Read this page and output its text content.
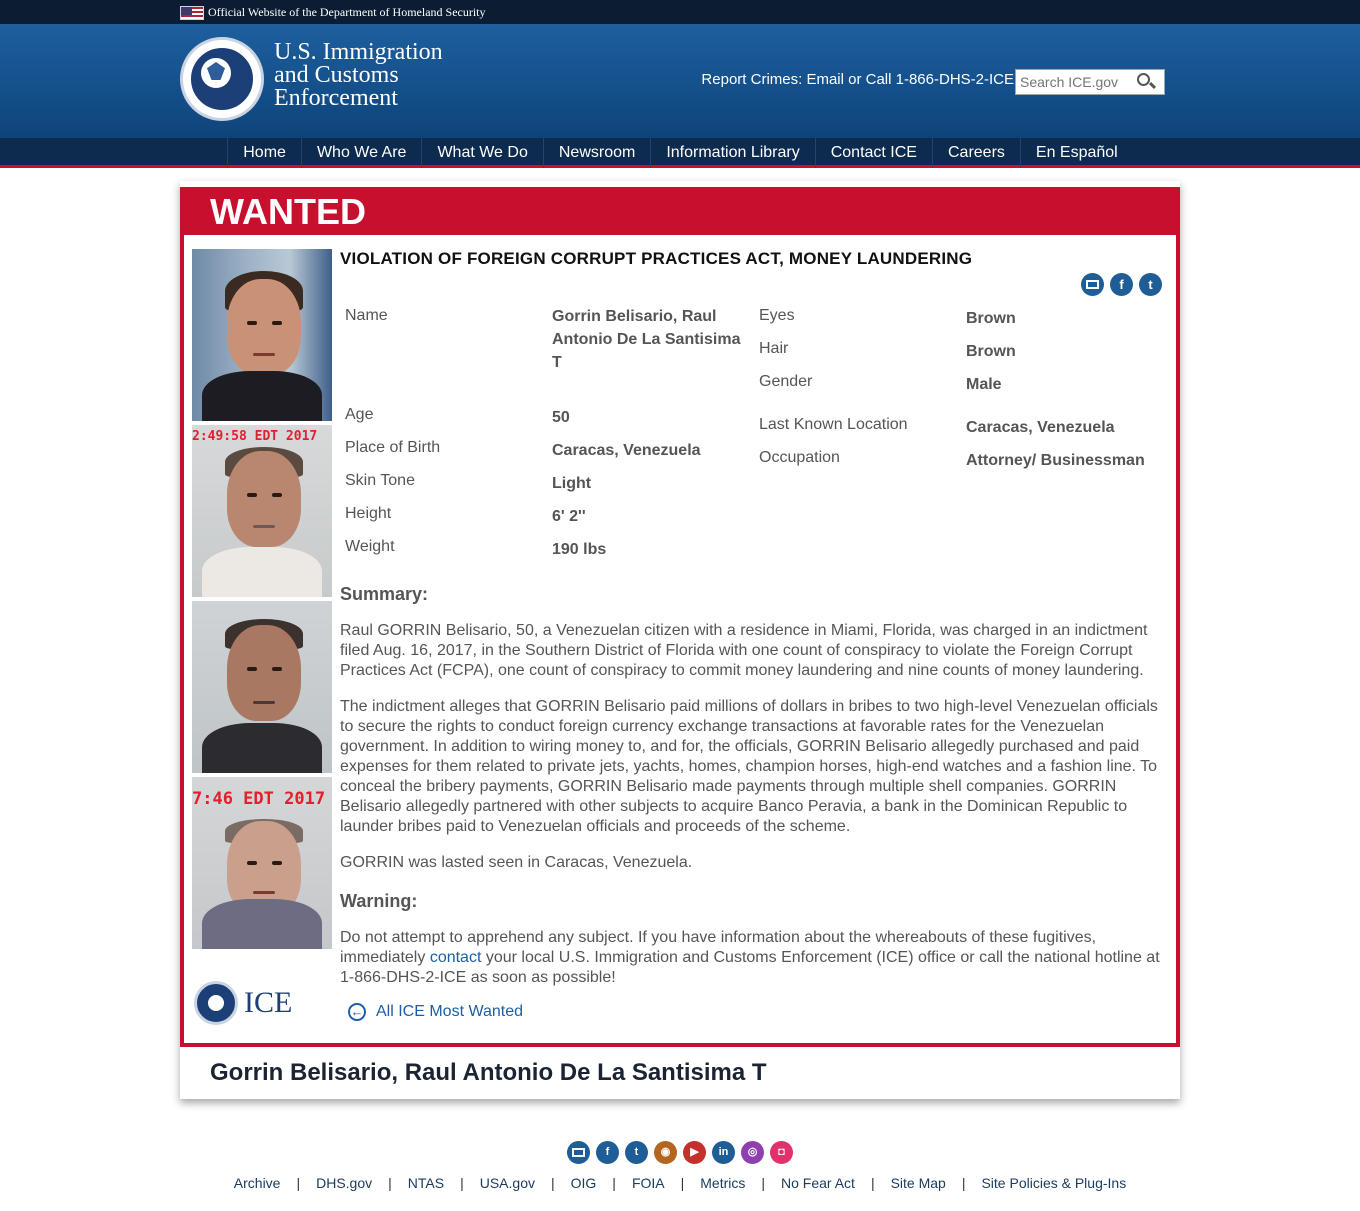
Official Website of the Department of Homeland Security
U.S. Immigration
and Customs
Enforcement
Report Crimes: Email or Call 1-866-DHS-2-ICE
Search ICE.gov
Home	Who We Are	What We Do	Newsroom	Information Library	Contact ICE	Careers	En Español
WANTED
2:49:58 EDT 2017
7:46 EDT 2017
ICE
VIOLATION OF FOREIGN CORRUPT PRACTICES ACT, MONEY LAUNDERING
f	t
Name	Gorrin Belisario, Raul Antonio De La Santisima T
Age	50
Place of Birth	Caracas, Venezuela
Skin Tone	Light
Height	6' 2''
Weight	190 lbs
Eyes	Brown
Hair	Brown
Gender	Male
Last Known Location	Caracas, Venezuela
Occupation	Attorney/ Businessman
Summary:
Raul GORRIN Belisario, 50, a Venezuelan citizen with a residence in Miami, Florida, was charged in an indictment filed Aug. 16, 2017, in the Southern District of Florida with one count of conspiracy to violate the Foreign Corrupt Practices Act (FCPA), one count of conspiracy to commit money laundering and nine counts of money laundering.
The indictment alleges that GORRIN Belisario paid millions of dollars in bribes to two high-level Venezuelan officials to secure the rights to conduct foreign currency exchange transactions at favorable rates for the Venezuelan government. In addition to wiring money to, and for, the officials, GORRIN Belisario allegedly purchased and paid expenses for them related to private jets, yachts, homes, champion horses, high-end watches and a fashion line. To conceal the bribery payments, GORRIN Belisario made payments through multiple shell companies. GORRIN Belisario allegedly partnered with other subjects to acquire Banco Peravia, a bank in the Dominican Republic to launder bribes paid to Venezuelan officials and proceeds of the scheme.
GORRIN was lasted seen in Caracas, Venezuela.
Warning:
Do not attempt to apprehend any subject. If you have information about the whereabouts of these fugitives, immediately contact your local U.S. Immigration and Customs Enforcement (ICE) office or call the national hotline at 1-866-DHS-2-ICE as soon as possible!
← All ICE Most Wanted
Gorrin Belisario, Raul Antonio De La Santisima T
f	t	◉	▶	in	◎	◘
Archive | DHS.gov | NTAS | USA.gov | OIG | FOIA | Metrics | No Fear Act | Site Map | Site Policies & Plug-Ins
